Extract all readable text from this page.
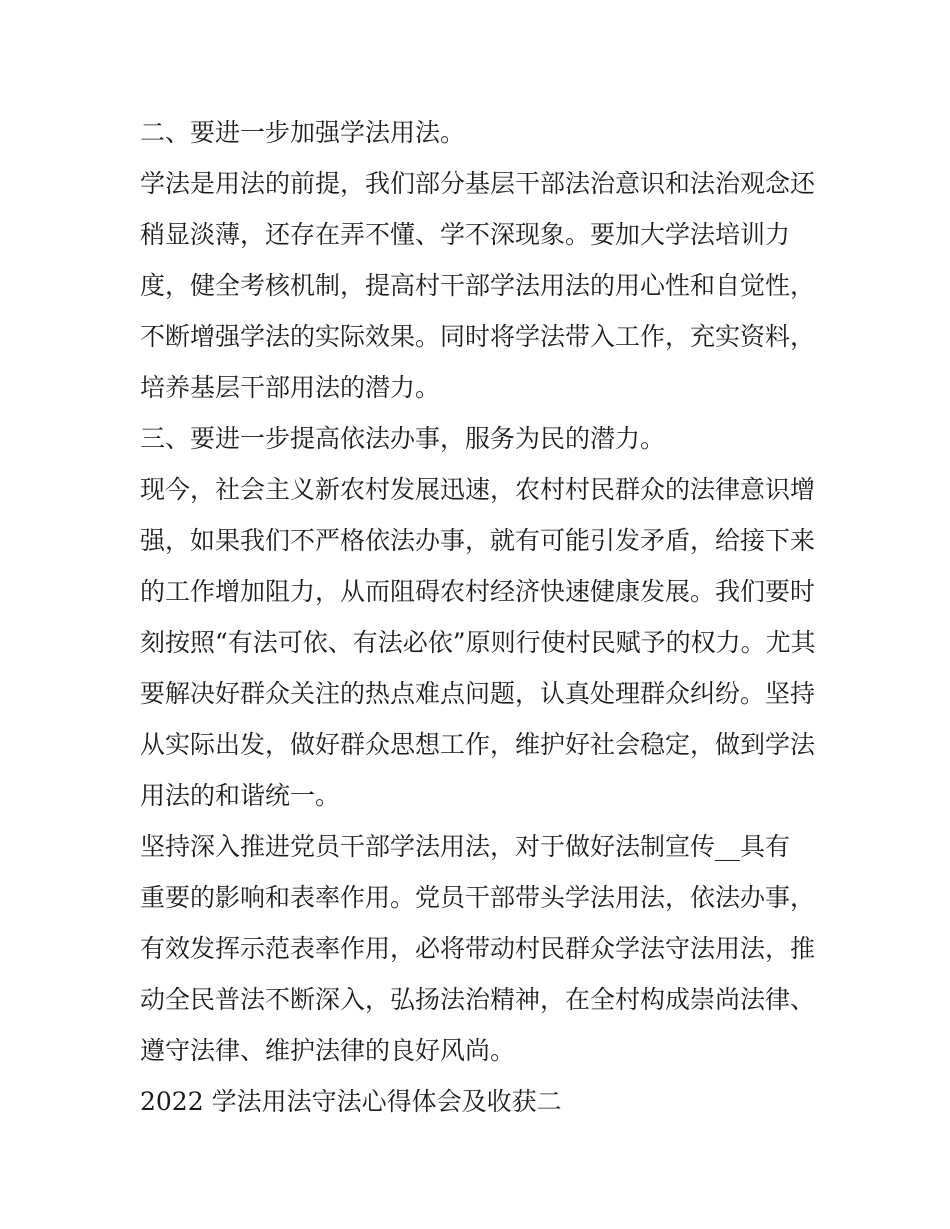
二、要进一步加强学法用法。
学法是用法的前提，我们部分基层干部法治意识和法治观念还
稍显淡薄，还存在弄不懂、学不深现象。要加大学法培训力
度，健全考核机制，提高村干部学法用法的用心性和自觉性，
不断增强学法的实际效果。同时将学法带入工作，充实资料，
培养基层干部用法的潜力。
三、要进一步提高依法办事，服务为民的潜力。
现今，社会主义新农村发展迅速，农村村民群众的法律意识增
强，如果我们不严格依法办事，就有可能引发矛盾，给接下来
的工作增加阻力，从而阻碍农村经济快速健康发展。我们要时
刻按照“有法可依、有法必依”原则行使村民赋予的权力。尤其
要解决好群众关注的热点难点问题，认真处理群众纠纷。坚持
从实际出发，做好群众思想工作，维护好社会稳定，做到学法
用法的和谐统一。
坚持深入推进党员干部学法用法，对于做好法制宣传__具有
重要的影响和表率作用。党员干部带头学法用法，依法办事，
有效发挥示范表率作用，必将带动村民群众学法守法用法，推
动全民普法不断深入，弘扬法治精神，在全村构成崇尚法律、
遵守法律、维护法律的良好风尚。
2022 学法用法守法心得体会及收获二
